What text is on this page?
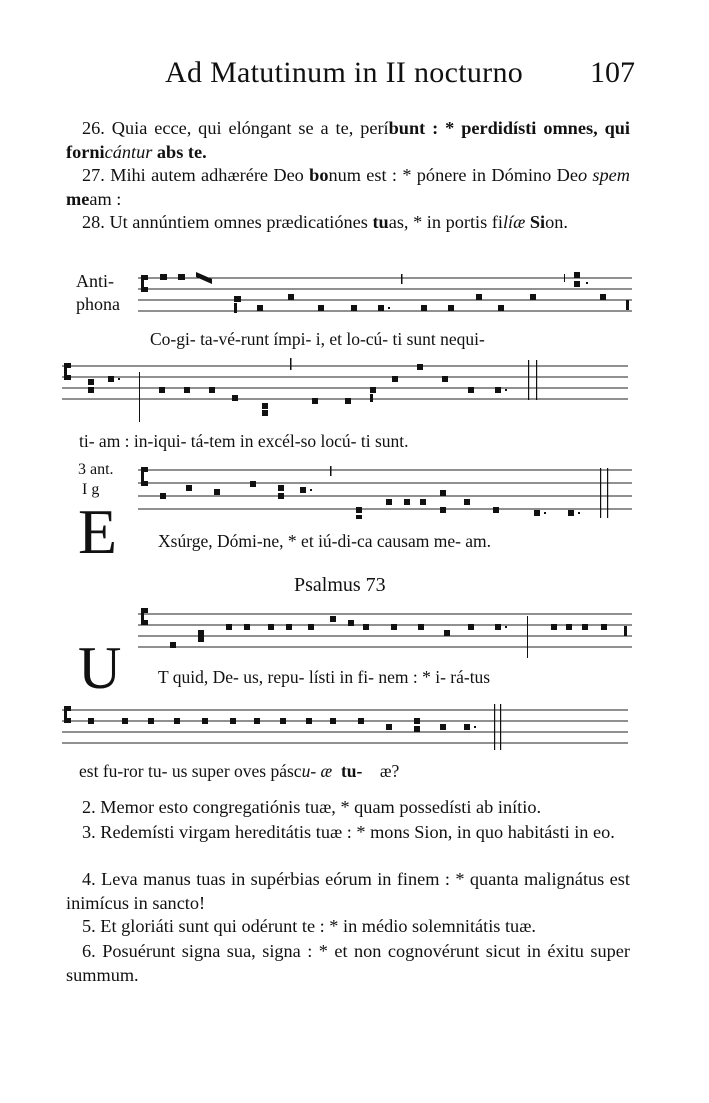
Ad Matutinum in II nocturno 107
26. Quia ecce, qui elóngant se a te, períbunt : * perdidísti omnes, qui fornicántur abs te.
27. Mihi autem adhærére Deo bonum est : * pónere in Dómino Deo spem meam :
28. Ut annúntiem omnes prædicatiónes tuas, * in portis filíæ Sion.
Anti-
phona
Co-gi- ta-vé-runt ímpi- i, et lo-cú- ti sunt nequi-
ti- am : in-iqui- tá-tem in excél-so locú- ti sunt.
3 ant.
I g
E Xsúrge, Dómi-ne, * et iú-di-ca causam me- am.
Psalmus 73
U T quid, De- us, repu- lísti in fi- nem : * i- rá-tus
est fu-ror tu- us super oves páscu- æ tu- æ?
2. Memor esto congregatiónis tuæ, * quam possedísti ab inítio.
3. Redemísti virgam hereditátis tuæ : * mons Sion, in quo habitásti in eo.
4. Leva manus tuas in supérbias eórum in finem : * quanta malignátus est inimícus in sancto!
5. Et gloriáti sunt qui odérunt te : * in médio solemnitátis tuæ.
6. Posuérunt signa sua, signa : * et non cognovérunt sicut in éxitu super summum.
